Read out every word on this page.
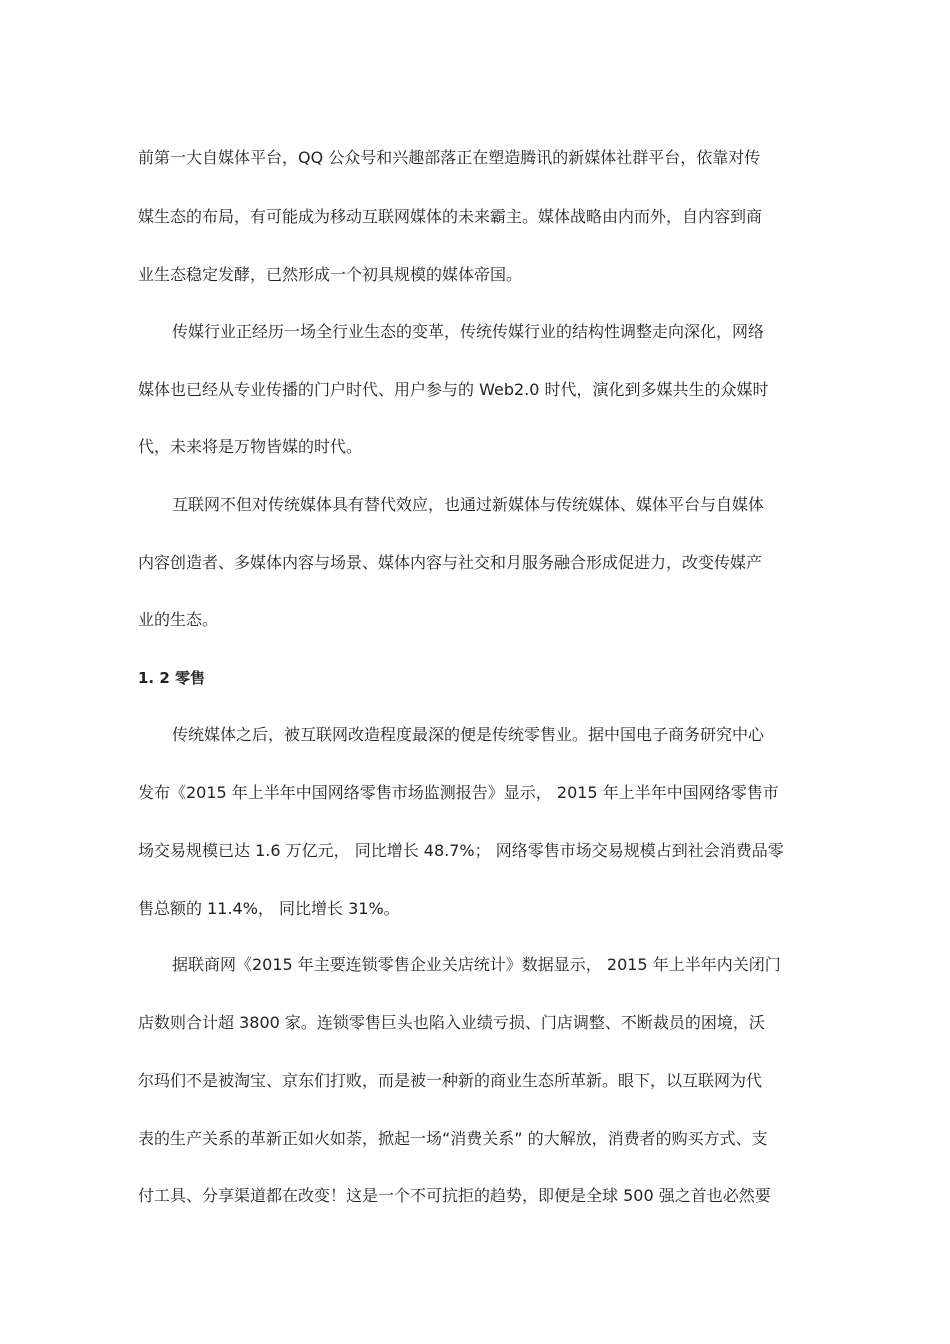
前第一大自媒体平台，QQ 公众号和兴趣部落正在塑造腾讯的新媒体社群平台，依靠对传
媒生态的布局，有可能成为移动互联网媒体的未来霸主。媒体战略由内而外，自内容到商
业生态稳定发酵，已然形成一个初具规模的媒体帝国。
传媒行业正经历一场全行业生态的变革，传统传媒行业的结构性调整走向深化，网络
媒体也已经从专业传播的门户时代、用户参与的 Web2.0 时代，演化到多媒共生的众媒时
代，未来将是万物皆媒的时代。
互联网不但对传统媒体具有替代效应，也通过新媒体与传统媒体、媒体平台与自媒体
内容创造者、多媒体内容与场景、媒体内容与社交和月服务融合形成促进力，改变传媒产
业的生态。
1. 2 零售
传统媒体之后，被互联网改造程度最深的便是传统零售业。据中国电子商务研究中心
发布《2015 年上半年中国网络零售市场监测报告》显示， 2015 年上半年中国网络零售市
场交易规模已达 1.6 万亿元， 同比增长 48.7%； 网络零售市场交易规模占到社会消费品零
售总额的 11.4%， 同比增长 31%。
据联商网《2015 年主要连锁零售企业关店统计》数据显示， 2015 年上半年内关闭门
店数则合计超 3800 家。连锁零售巨头也陷入业绩亏损、门店调整、不断裁员的困境，沃
尔玛们不是被淘宝、京东们打败，而是被一种新的商业生态所革新。眼下，以互联网为代
表的生产关系的革新正如火如荼，掀起一场“消费关系” 的大解放，消费者的购买方式、支
付工具、分享渠道都在改变！这是一个不可抗拒的趋势，即便是全球 500 强之首也必然要
